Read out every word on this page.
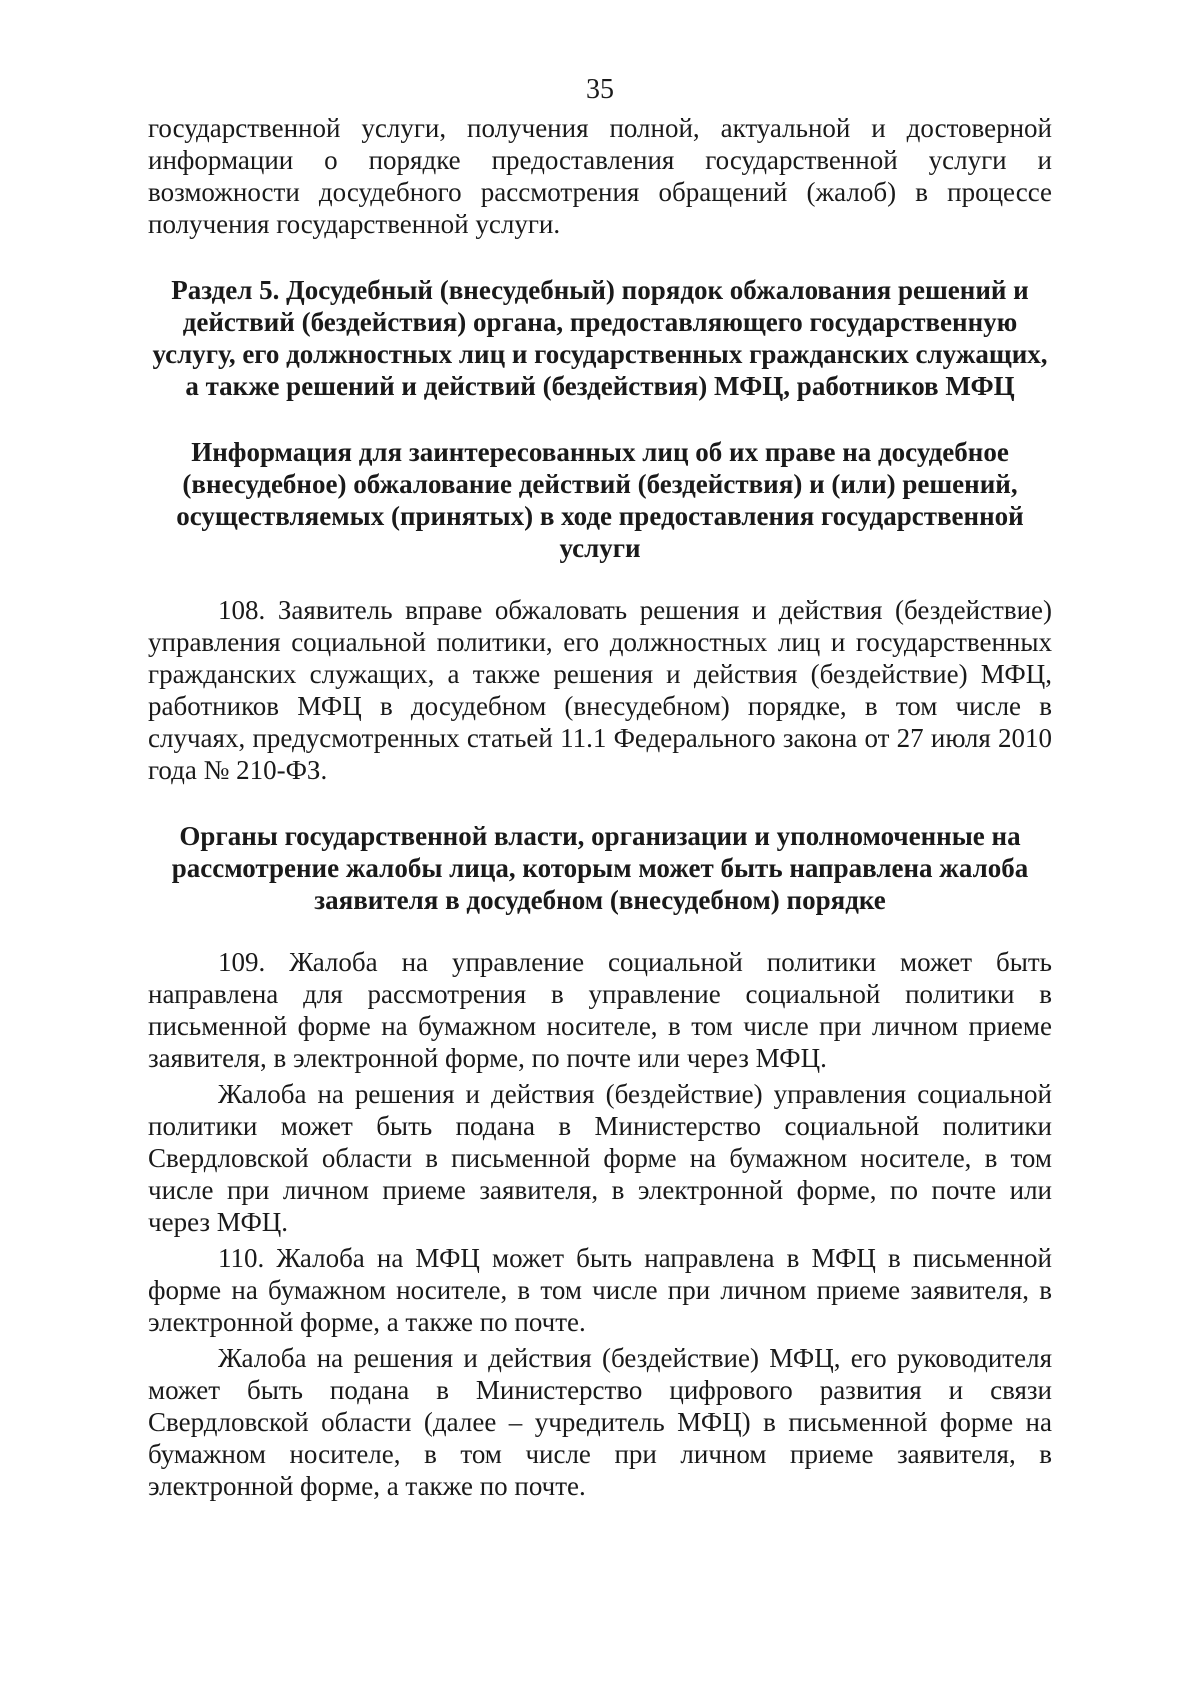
35

государственной услуги, получения полной, актуальной и достоверной информации о порядке предоставления государственной услуги и возможности досудебного рассмотрения обращений (жалоб) в процессе получения государственной услуги.

Раздел 5. Досудебный (внесудебный) порядок обжалования решений и действий (бездействия) органа, предоставляющего государственную услугу, его должностных лиц и государственных гражданских служащих, а также решений и действий (бездействия) МФЦ, работников МФЦ

Информация для заинтересованных лиц об их праве на досудебное (внесудебное) обжалование действий (бездействия) и (или) решений, осуществляемых (принятых) в ходе предоставления государственной услуги

108. Заявитель вправе обжаловать решения и действия (бездействие) управления социальной политики, его должностных лиц и государственных гражданских служащих, а также решения и действия (бездействие) МФЦ, работников МФЦ в досудебном (внесудебном) порядке, в том числе в случаях, предусмотренных статьей 11.1 Федерального закона от 27 июля 2010 года № 210-ФЗ.

Органы государственной власти, организации и уполномоченные на рассмотрение жалобы лица, которым может быть направлена жалоба заявителя в досудебном (внесудебном) порядке

109. Жалоба на управление социальной политики может быть направлена для рассмотрения в управление социальной политики в письменной форме на бумажном носителе, в том числе при личном приеме заявителя, в электронной форме, по почте или через МФЦ.

Жалоба на решения и действия (бездействие) управления социальной политики может быть подана в Министерство социальной политики Свердловской области в письменной форме на бумажном носителе, в том числе при личном приеме заявителя, в электронной форме, по почте или через МФЦ.

110. Жалоба на МФЦ может быть направлена в МФЦ в письменной форме на бумажном носителе, в том числе при личном приеме заявителя, в электронной форме, а также по почте.

Жалоба на решения и действия (бездействие) МФЦ, его руководителя может быть подана в Министерство цифрового развития и связи Свердловской области (далее – учредитель МФЦ) в письменной форме на бумажном носителе, в том числе при личном приеме заявителя, в электронной форме, а также по почте.
